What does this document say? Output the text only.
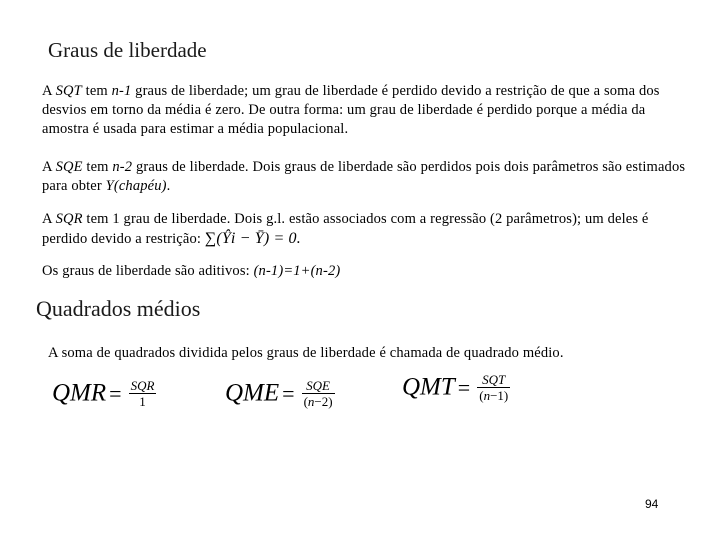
Graus de liberdade
A SQT tem n-1 graus de liberdade; um grau de liberdade é perdido devido a restrição de que a soma dos desvios em torno da média é zero. De outra forma: um grau de liberdade é perdido porque a média da amostra é usada para estimar a média populacional.
A SQE tem n-2 graus de liberdade. Dois graus de liberdade são perdidos pois dois parâmetros são estimados para obter Y(chapéu).
A SQR tem 1 grau de liberdade. Dois g.l. estão associados com a regressão (2 parâmetros); um deles é perdido devido a restrição: ∑(Ŷi − Ȳ) = 0.
Os graus de liberdade são aditivos: (n-1)=1+(n-2)
Quadrados médios
A soma de quadrados dividida pelos graus de liberdade é chamada de quadrado médio.
QMR = $\frac{\text{SQR}}{1}$	QME = $\frac{\text{SQE}}{(n-2)}$	QMT = $\frac{\text{SQT}}{(n-1)}$
94
